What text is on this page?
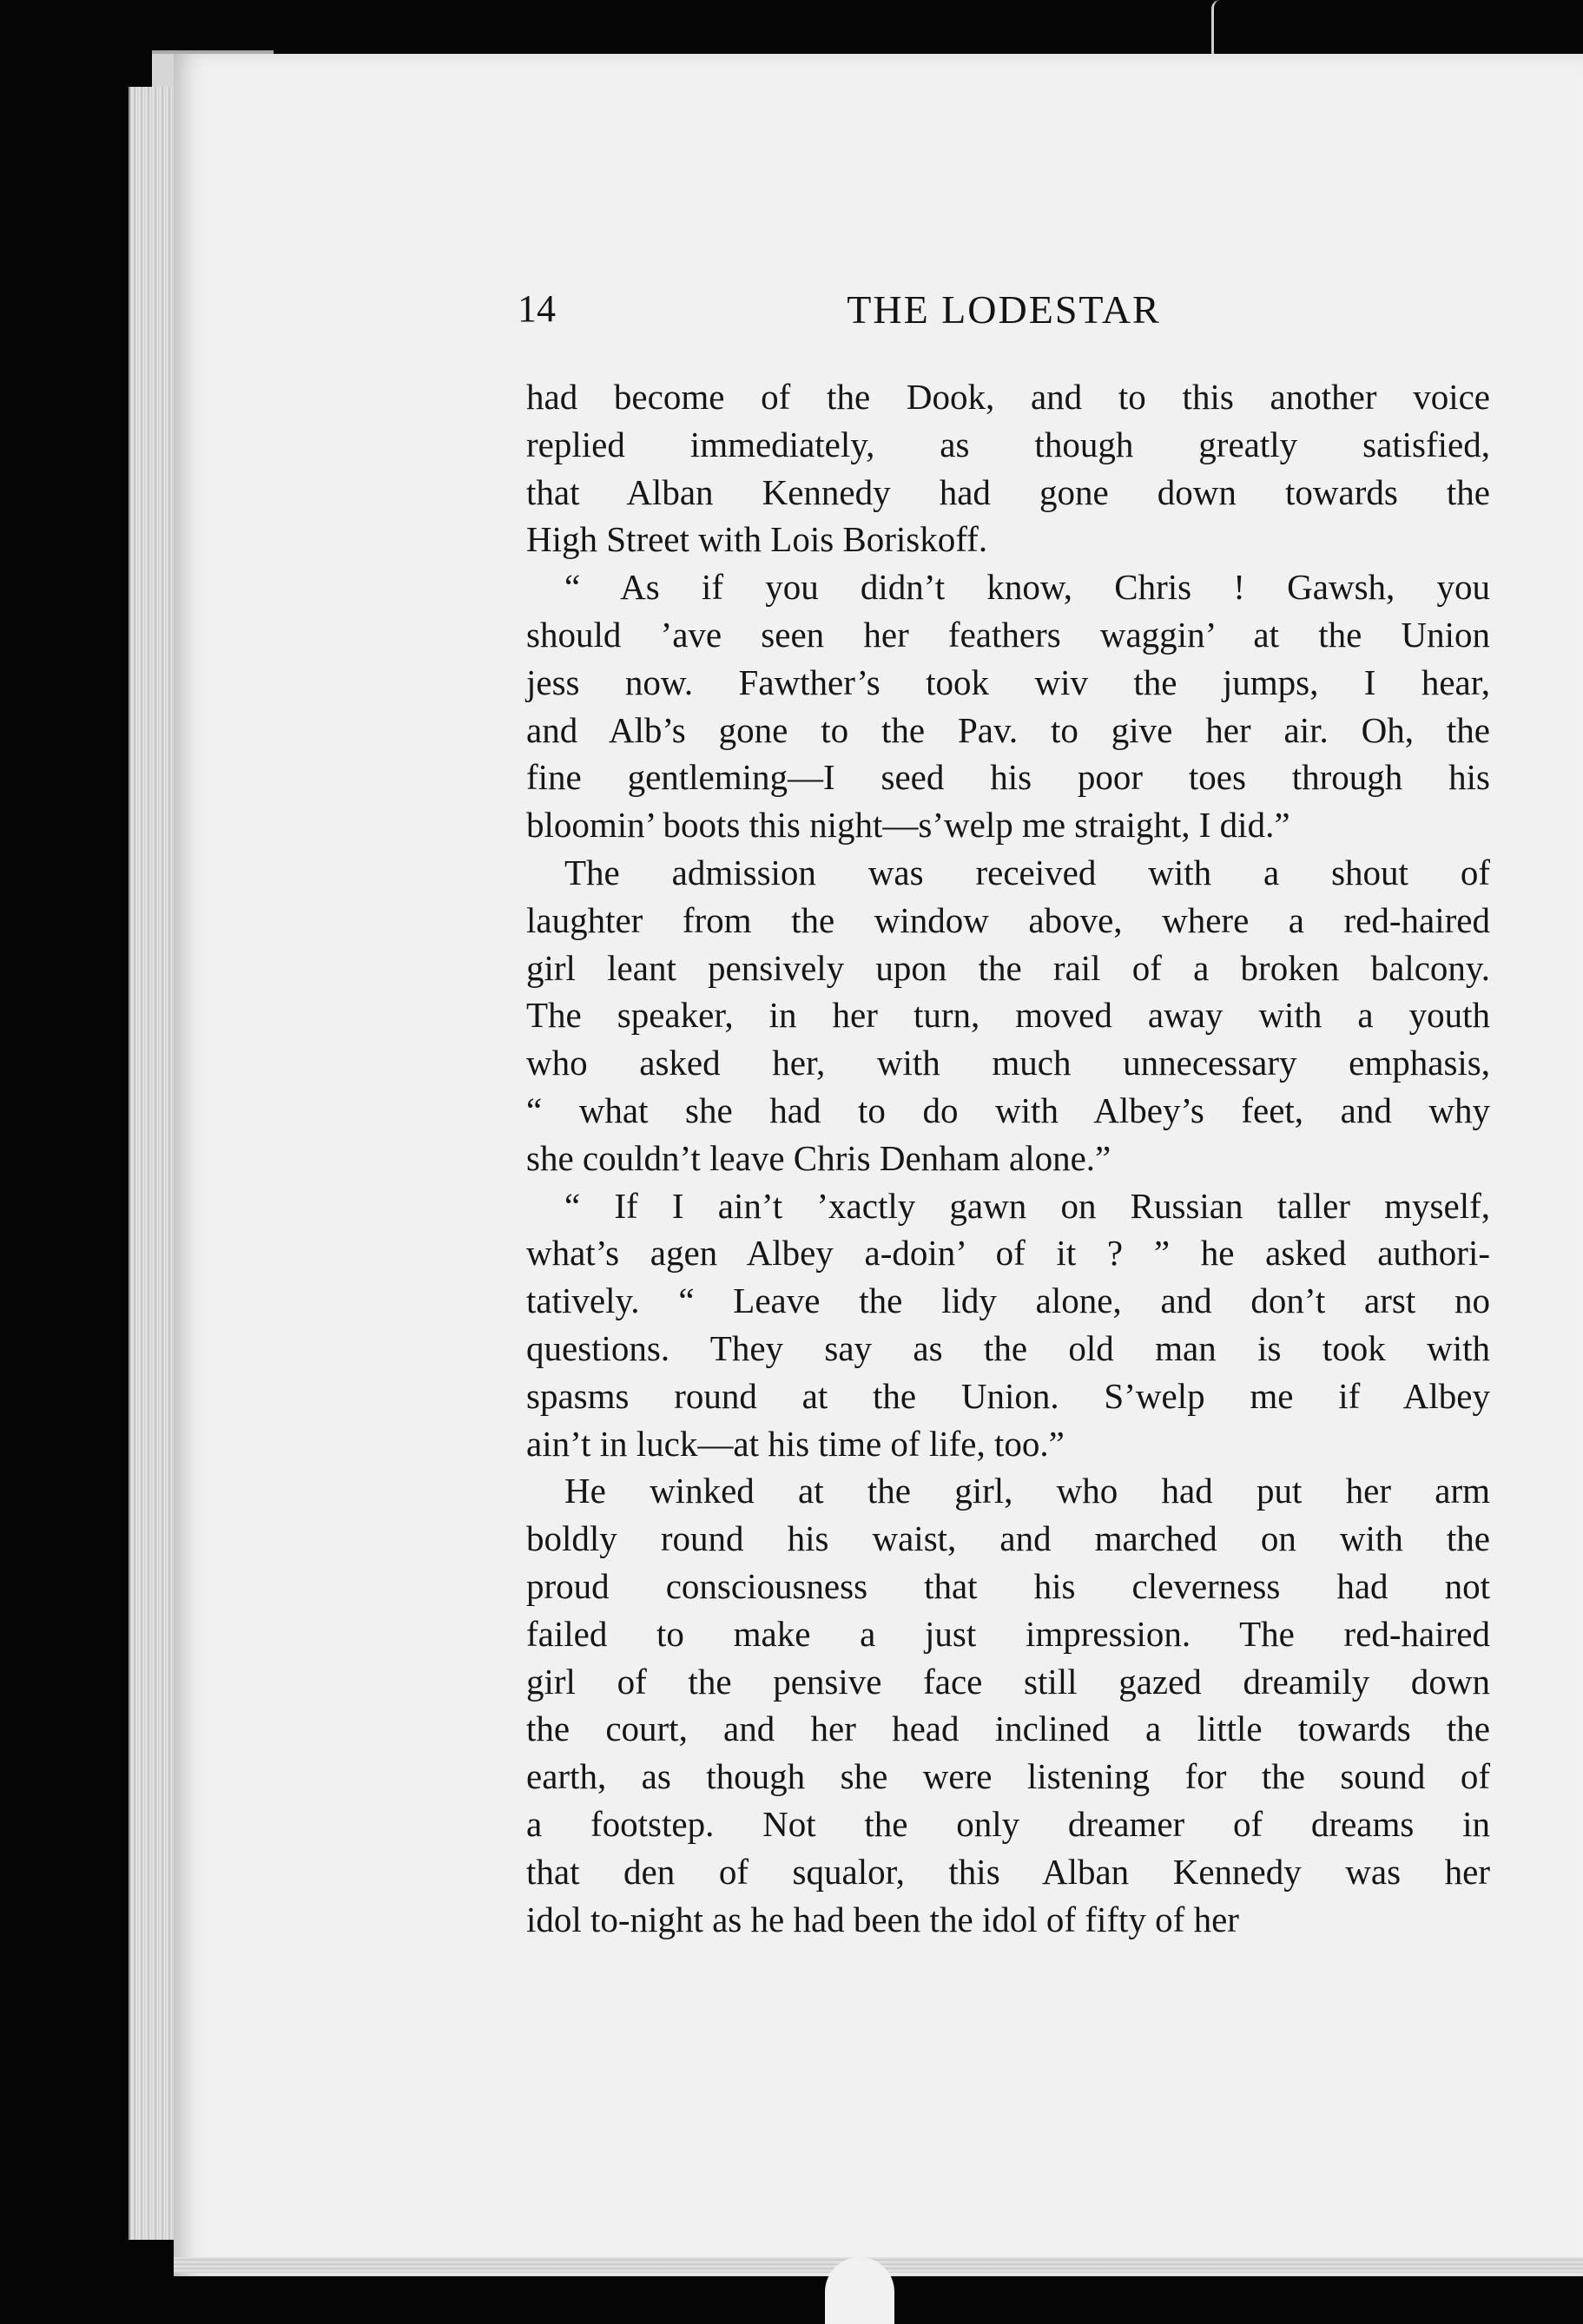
14	THE LODESTAR

had become of the Dook, and to this another voice
replied immediately, as though greatly satisfied,
that Alban Kennedy had gone down towards the
High Street with Lois Boriskoff.

“ As if you didn’t know, Chris ! Gawsh, you
should ’ave seen her feathers waggin’ at the Union
jess now. Fawther’s took wiv the jumps, I hear,
and Alb’s gone to the Pav. to give her air. Oh, the
fine gentleming—I seed his poor toes through his
bloomin’ boots this night—s’welp me straight, I did.”

The admission was received with a shout of
laughter from the window above, where a red-haired
girl leant pensively upon the rail of a broken balcony.
The speaker, in her turn, moved away with a youth
who asked her, with much unnecessary emphasis,
“ what she had to do with Albey’s feet, and why
she couldn’t leave Chris Denham alone.”

“ If I ain’t ’xactly gawn on Russian taller myself,
what’s agen Albey a-doin’ of it ? ” he asked authori-
tatively. “ Leave the lidy alone, and don’t arst no
questions. They say as the old man is took with
spasms round at the Union. S’welp me if Albey
ain’t in luck—at his time of life, too.”

He winked at the girl, who had put her arm
boldly round his waist, and marched on with the
proud consciousness that his cleverness had not
failed to make a just impression. The red-haired
girl of the pensive face still gazed dreamily down
the court, and her head inclined a little towards the
earth, as though she were listening for the sound of
a footstep. Not the only dreamer of dreams in
that den of squalor, this Alban Kennedy was her
idol to-night as he had been the idol of fifty of her
